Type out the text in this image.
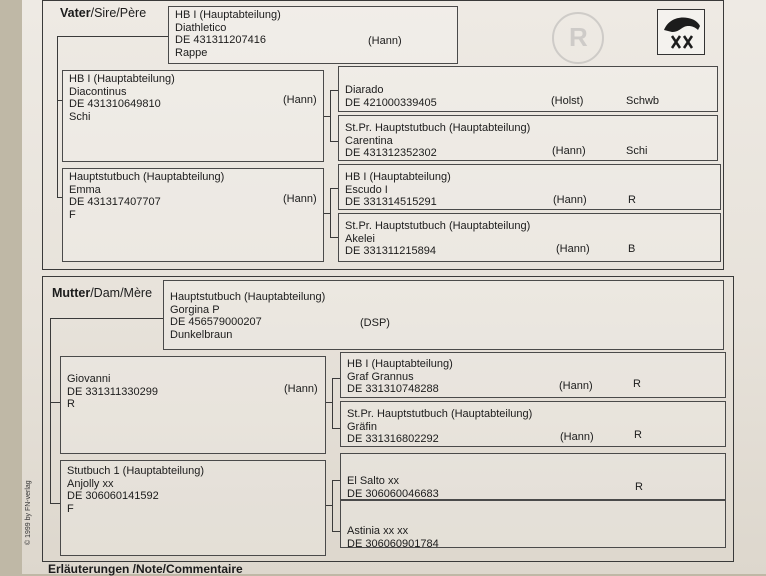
R
Vater/Sire/Père	HB I (Hauptabteilung)
Diathletico
DE 431311207416
Rappe
(Hann)
HB I (Hauptabteilung)
Diacontinus
DE 431310649810
Schi
(Hann)
Hauptstutbuch (Hauptabteilung)
Emma
DE 431317407707
F
(Hann)
Diarado
DE 421000339405	(Holst)	Schwb
St.Pr. Hauptstutbuch (Hauptabteilung)
Carentina
DE 431312352302	(Hann)	Schi
HB I (Hauptabteilung)
Escudo I
DE 331314515291	(Hann)	R
St.Pr. Hauptstutbuch (Hauptabteilung)
Akelei
DE 331311215894	(Hann)	B
Mutter/Dam/Mère Hauptstutbuch (Hauptabteilung)
Gorgina P
DE 456579000207
Dunkelbraun
(DSP)
Giovanni
DE 331311330299
R
(Hann)
Stutbuch 1 (Hauptabteilung)
Anjolly xx
DE 306060141592
F
HB I (Hauptabteilung)
Graf Grannus
DE 331310748288	(Hann)	R
St.Pr. Hauptstutbuch (Hauptabteilung)
Gräfin
DE 331316802292	(Hann)	R
El Salto xx
DE 306060046683
R
Astinia xx xx
DE 306060901784
© 1999 by FN-verlag
Erläuterungen /Note/Commentaire
